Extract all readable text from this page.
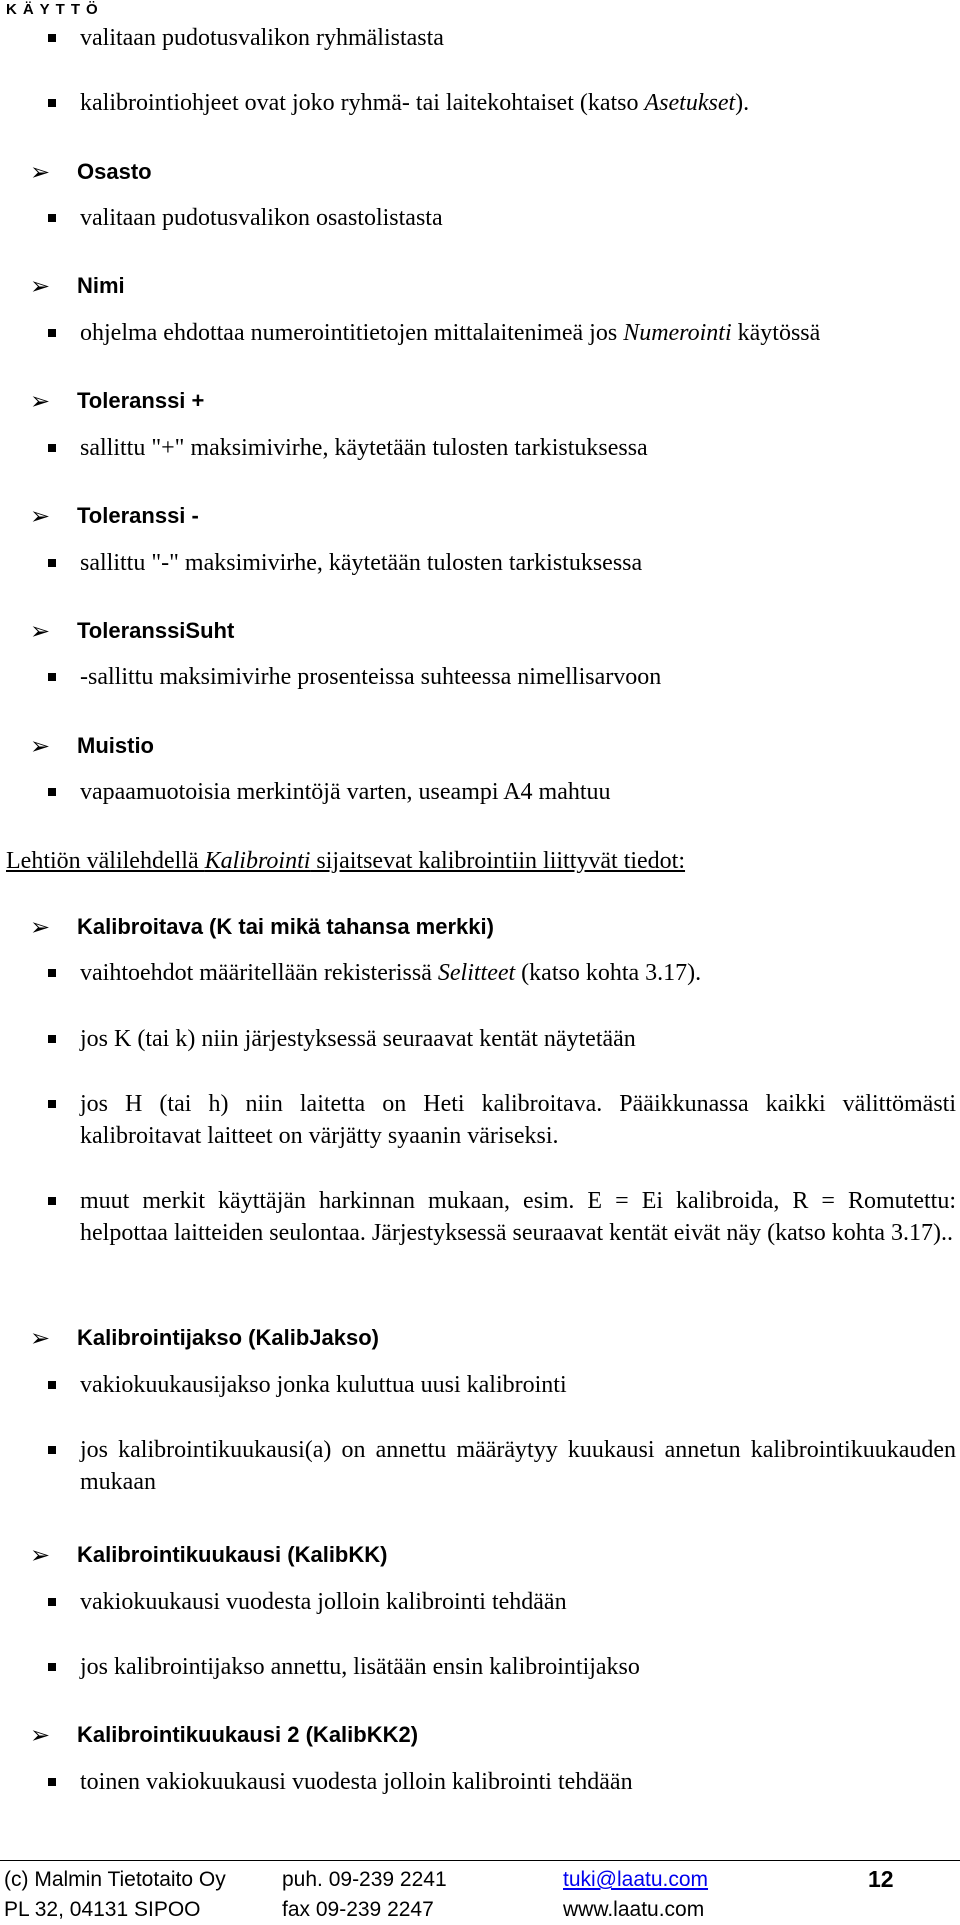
KÄYTTÖ
valitaan pudotusvalikon ryhmälistasta
kalibrointiohjeet ovat joko ryhmä- tai laitekohtaiset (katso Asetukset).
➢ Osasto
valitaan pudotusvalikon osastolistasta
➢ Nimi
ohjelma ehdottaa numerointitietojen mittalaitenimeä jos Numerointi käytössä
➢ Toleranssi +
sallittu "+" maksimivirhe, käytetään tulosten tarkistuksessa
➢ Toleranssi -
sallittu "-" maksimivirhe, käytetään tulosten tarkistuksessa
➢ ToleranssiSuht
-sallittu maksimivirhe prosenteissa suhteessa nimellisarvoon
➢ Muistio
vapaamuotoisia merkintöjä varten, useampi A4 mahtuu
Lehtiön välilehdellä Kalibrointi sijaitsevat kalibrointiin liittyvät tiedot:
➢ Kalibroitava (K tai mikä tahansa merkki)
vaihtoehdot määritellään rekisterissä Selitteet (katso kohta 3.17).
jos K (tai k) niin järjestyksessä seuraavat kentät näytetään
jos H (tai h) niin laitetta on Heti kalibroitava. Pääikkunassa kaikki välittömästi kalibroitavat laitteet on värjätty syaanin väriseksi.
muut merkit käyttäjän harkinnan mukaan, esim. E = Ei kalibroida, R = Romutettu: helpottaa laitteiden seulontaa. Järjestyksessä seuraavat kentät eivät näy (katso kohta 3.17)..
➢ Kalibrointijakso (KalibJakso)
vakiokuukausijakso jonka kuluttua uusi kalibrointi
jos kalibrointikuukausi(a) on annettu määräytyy kuukausi annetun kalibrointikuukauden mukaan
➢ Kalibrointikuukausi (KalibKK)
vakiokuukausi vuodesta jolloin kalibrointi tehdään
jos kalibrointijakso annettu, lisätään ensin kalibrointijakso
➢ Kalibrointikuukausi 2 (KalibKK2)
toinen vakiokuukausi vuodesta jolloin kalibrointi tehdään
(c) Malmin Tietotaito Oy	puh. 09-239 2241	tuki@laatu.com	12
PL 32, 04131 SIPOO	fax 09-239 2247	www.laatu.com
